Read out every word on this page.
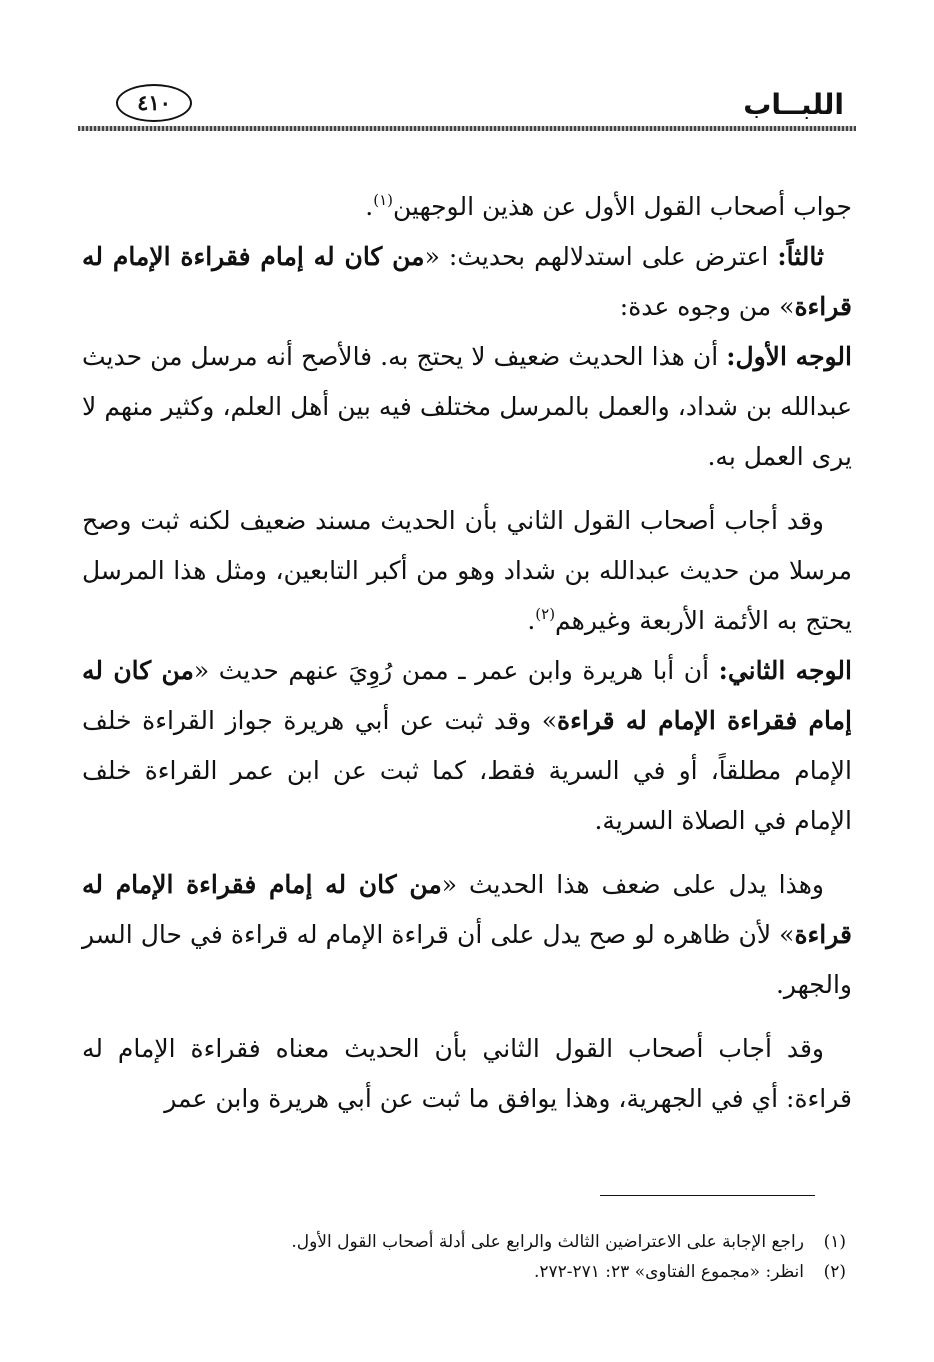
اللبــاب
٤١٠

جواب أصحاب القول الأول عن هذين الوجهين$^{(١)}$.

ثالثاً: اعترض على استدلالهم بحديث: «من كان له إمام فقراءة الإمام له قراءة» من وجوه عدة:

الوجه الأول: أن هذا الحديث ضعيف لا يحتج به. فالأصح أنه مرسل من حديث عبدالله بن شداد، والعمل بالمرسل مختلف فيه بين أهل العلم، وكثير منهم لا يرى العمل به.

وقد أجاب أصحاب القول الثاني بأن الحديث مسند ضعيف لكنه ثبت وصح مرسلا من حديث عبدالله بن شداد وهو من أكبر التابعين، ومثل هذا المرسل يحتج به الأئمة الأربعة وغيرهم$^{(٢)}$.

الوجه الثاني: أن أبا هريرة وابن عمر ـ ممن رُوِيَ عنهم حديث «من كان له إمام فقراءة الإمام له قراءة» وقد ثبت عن أبي هريرة جواز القراءة خلف الإمام مطلقاً، أو في السرية فقط، كما ثبت عن ابن عمر القراءة خلف الإمام في الصلاة السرية.

وهذا يدل على ضعف هذا الحديث «من كان له إمام فقراءة الإمام له قراءة» لأن ظاهره لو صح يدل على أن قراءة الإمام له قراءة في حال السر والجهر.

وقد أجاب أصحاب القول الثاني بأن الحديث معناه فقراءة الإمام له قراءة: أي في الجهرية، وهذا يوافق ما ثبت عن أبي هريرة وابن عمر

(١)راجع الإجابة على الاعتراضين الثالث والرابع على أدلة أصحاب القول الأول.
(٢)انظر: «مجموع الفتاوى» ٢٣: ٢٧١-٢٧٢.
